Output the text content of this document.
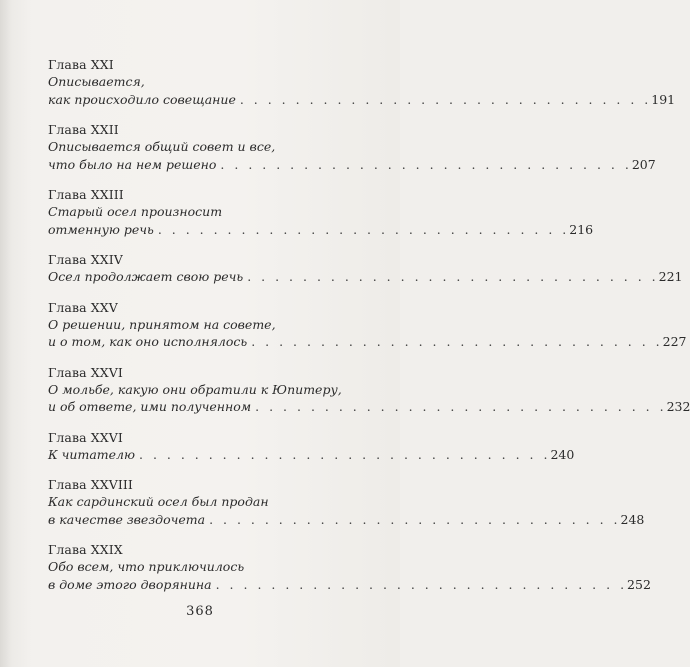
Глава XXI
Описывается,
как происходило совещание . . . . . . . . . . . . . . . . . . . . . . . . . . . . . . 191
Глава XXII
Описывается общий совет и все,
что было на нем решено . . . . . . . . . . . . . . . . . . . . . . . . . . . . . . 207
Глава XXIII
Старый осел произносит
отменную речь . . . . . . . . . . . . . . . . . . . . . . . . . . . . . . 216
Глава XXIV
Осел продолжает свою речь . . . . . . . . . . . . . . . . . . . . . . . . . . . . . . 221
Глава XXV
О решении, принятом на совете,
и о том, как оно исполнялось . . . . . . . . . . . . . . . . . . . . . . . . . . . . . . 227
Глава XXVI
О мольбе, какую они обратили к Юпитеру,
и об ответе, ими полученном . . . . . . . . . . . . . . . . . . . . . . . . . . . . . . 232
Глава XXVI
К читателю . . . . . . . . . . . . . . . . . . . . . . . . . . . . . . 240
Глава XXVIII
Как сардинский осел был продан
в качестве звездочета . . . . . . . . . . . . . . . . . . . . . . . . . . . . . . 248
Глава XXIX
Обо всем, что приключилось
в доме этого дворянина . . . . . . . . . . . . . . . . . . . . . . . . . . . . . . 252
368
